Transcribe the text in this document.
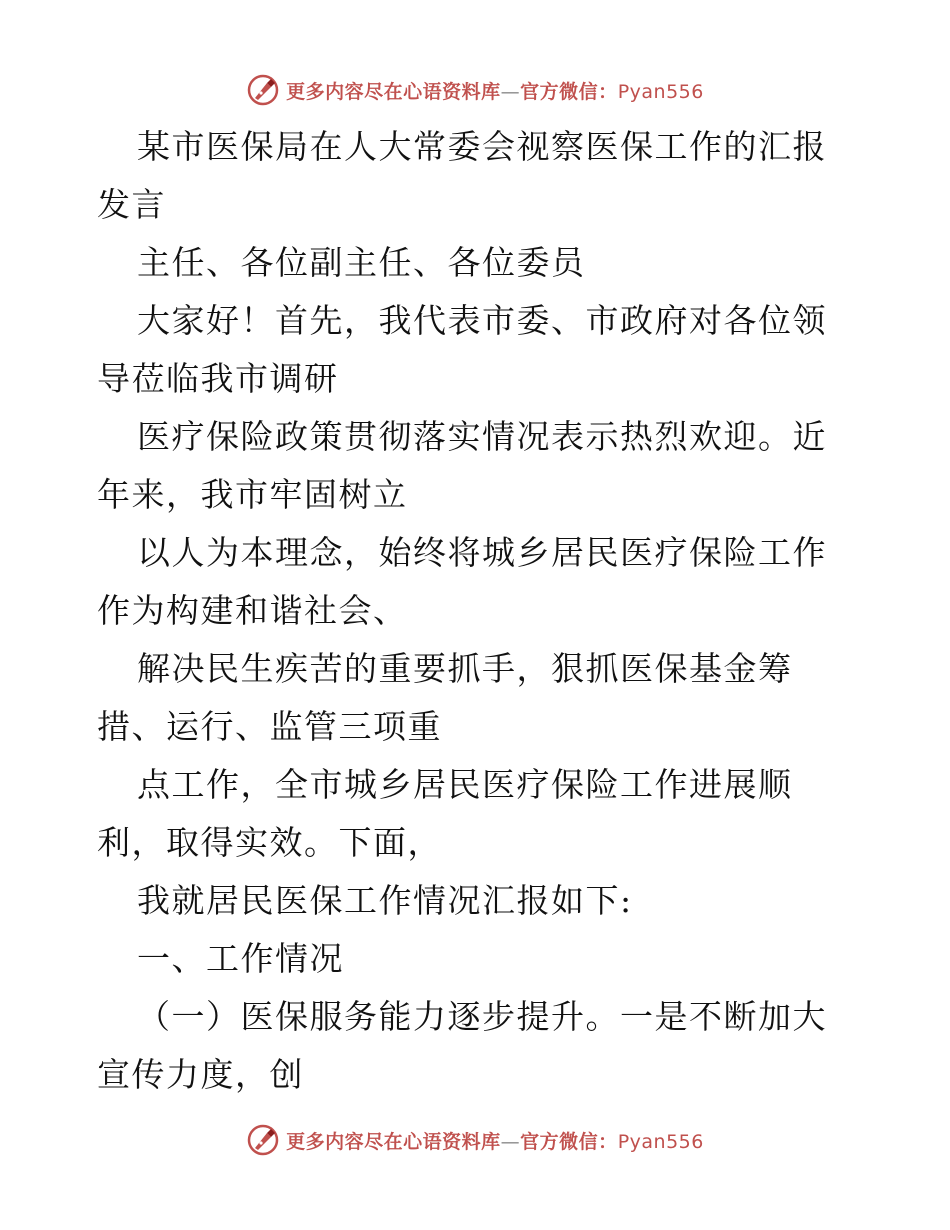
更多内容尽在心语资料库—官方微信：Pyan556

某市医保局在人大常委会视察医保工作的汇报发言

主任、各位副主任、各位委员

大家好！首先，我代表市委、市政府对各位领导莅临我市调研

医疗保险政策贯彻落实情况表示热烈欢迎。近年来，我市牢固树立

以人为本理念，始终将城乡居民医疗保险工作作为构建和谐社会、

解决民生疾苦的重要抓手，狠抓医保基金筹措、运行、监管三项重

点工作，全市城乡居民医疗保险工作进展顺利，取得实效。下面，

我就居民医保工作情况汇报如下:

一、工作情况

（一）医保服务能力逐步提升。一是不断加大宣传力度，创

更多内容尽在心语资料库—官方微信：Pyan556
